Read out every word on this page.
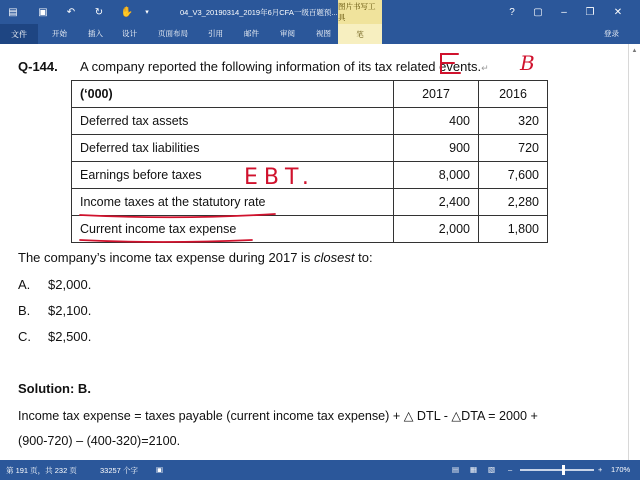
▤ ▣ ↶ ↻ ✋	▾	04_V3_20190314_2019年6月CFA一级百题预...
图片书写工具	?	▢	–	❐	✕
文件	开始	插入	设计	页面布局	引用	邮件	审阅	视图	笔	登录
▲
Q-144. A company reported the following information of its tax related events.↵
(‘000)	2017	2016
Deferred tax assets	400	320
Deferred tax liabilities	900	720
Earnings before taxes	8,000	7,600
Income taxes at the statutory rate	2,400	2,280
Current income tax expense	2,000	1,800
The company’s income tax expense during 2017 is closest to:
A. $2,000.
B. $2,100.
C. $2,500.
Solution: B.
Income tax expense = taxes payable (current income tax expense) + △ DTL - △DTA = 2000 +
(900-720) – (400-320)=2100.
B
EBT.
第 191 页，共 232 页	33257 个字 ▣	▤ ▦ ▧ –	+ 170%
